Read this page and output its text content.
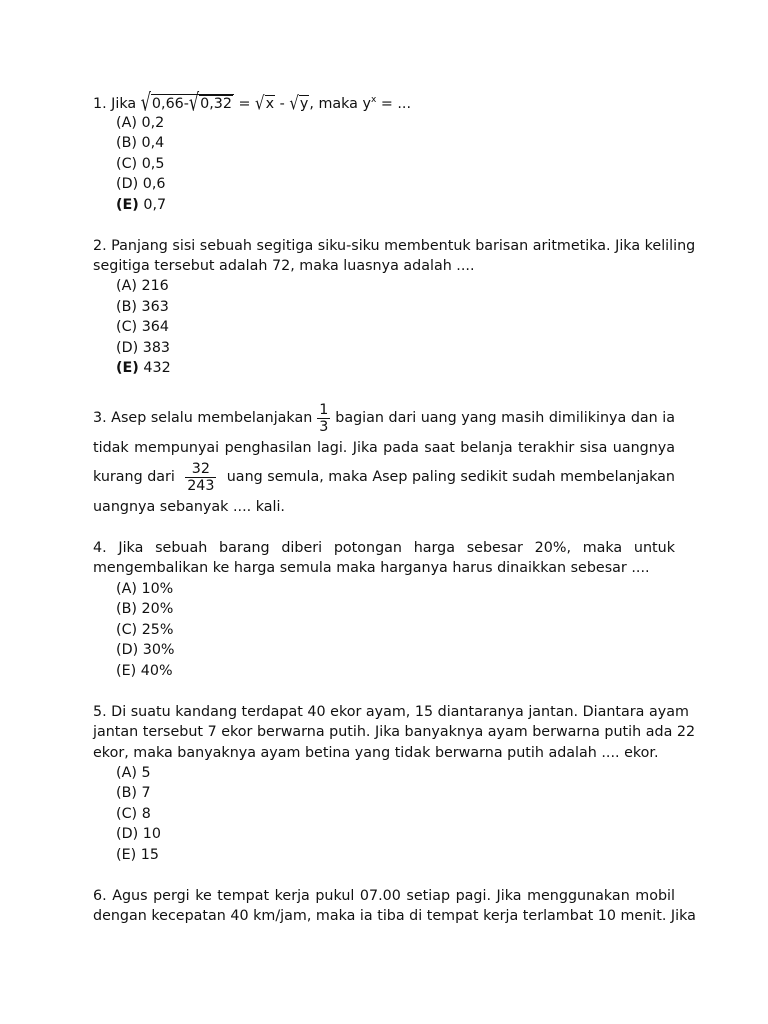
1. Jika √0,66-√0,32 = √x - √y, maka $y^x$ = ...
(A) 0,2
(B) 0,4
(C) 0,5
(D) 0,6
(E) 0,7
2. Panjang sisi sebuah segitiga siku-siku membentuk barisan aritmetika. Jika keliling
segitiga tersebut adalah 72, maka luasnya adalah ....
(A) 216
(B) 363
(C) 364
(D) 383
(E) 432
3. Asep selalu membelanjakan $\frac{1}{3}$ bagian dari uang yang masih dimilikinya dan ia
tidak mempunyai penghasilan lagi. Jika pada saat belanja terakhir sisa uangnya
kurang dari $\frac{32}{243}$ uang semula, maka Asep paling sedikit sudah membelanjakan
uangnya sebanyak .... kali.
4. Jika sebuah barang diberi potongan harga sebesar 20%, maka untuk
mengembalikan ke harga semula maka harganya harus dinaikkan sebesar ....
(A) 10%
(B) 20%
(C) 25%
(D) 30%
(E) 40%
5. Di suatu kandang terdapat 40 ekor ayam, 15 diantaranya jantan. Diantara ayam
jantan tersebut 7 ekor berwarna putih. Jika banyaknya ayam berwarna putih ada 22
ekor, maka banyaknya ayam betina yang tidak berwarna putih adalah .... ekor.
(A) 5
(B) 7
(C) 8
(D) 10
(E) 15
6. Agus pergi ke tempat kerja pukul 07.00 setiap pagi. Jika menggunakan mobil
dengan kecepatan 40 km/jam, maka ia tiba di tempat kerja terlambat 10 menit. Jika
